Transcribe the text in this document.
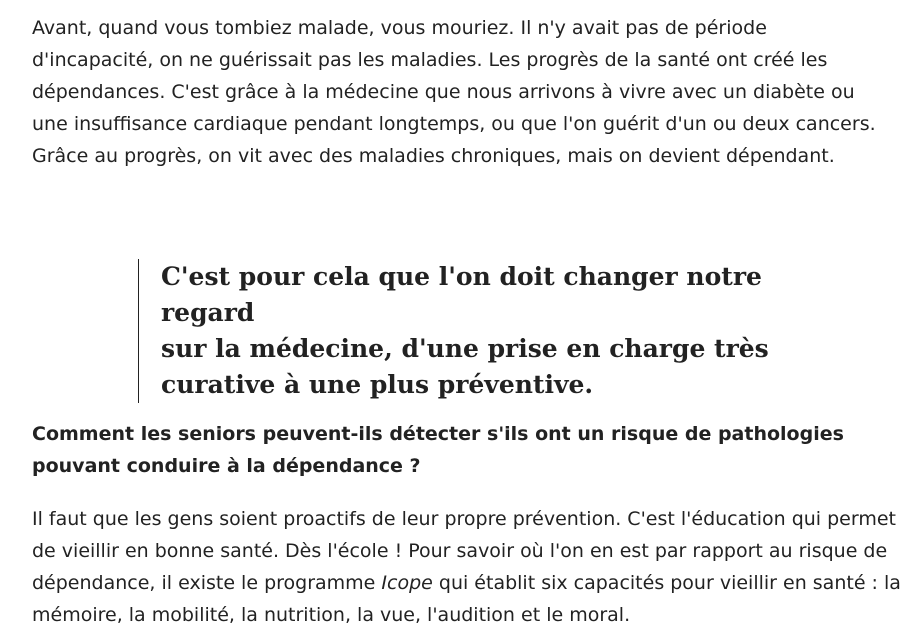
Avant, quand vous tombiez malade, vous mouriez. Il n'y avait pas de période d'incapacité, on ne guérissait pas les maladies. Les progrès de la santé ont créé les dépendances. C'est grâce à la médecine que nous arrivons à vivre avec un diabète ou une insuffisance cardiaque pendant longtemps, ou que l'on guérit d'un ou deux cancers. Grâce au progrès, on vit avec des maladies chroniques, mais on devient dépendant.

C'est pour cela que l'on doit changer notre regard

sur la médecine, d'une prise en charge très

curative à une plus préventive.

Comment les seniors peuvent-ils détecter s'ils ont un risque de pathologies pouvant conduire à la dépendance ?

Il faut que les gens soient proactifs de leur propre prévention. C'est l'éducation qui permet de vieillir en bonne santé. Dès l'école ! Pour savoir où l'on en est par rapport au risque de dépendance, il existe le programme Icope qui établit six capacités pour vieillir en santé : la mémoire, la mobilité, la nutrition, la vue, l'audition et le moral.
